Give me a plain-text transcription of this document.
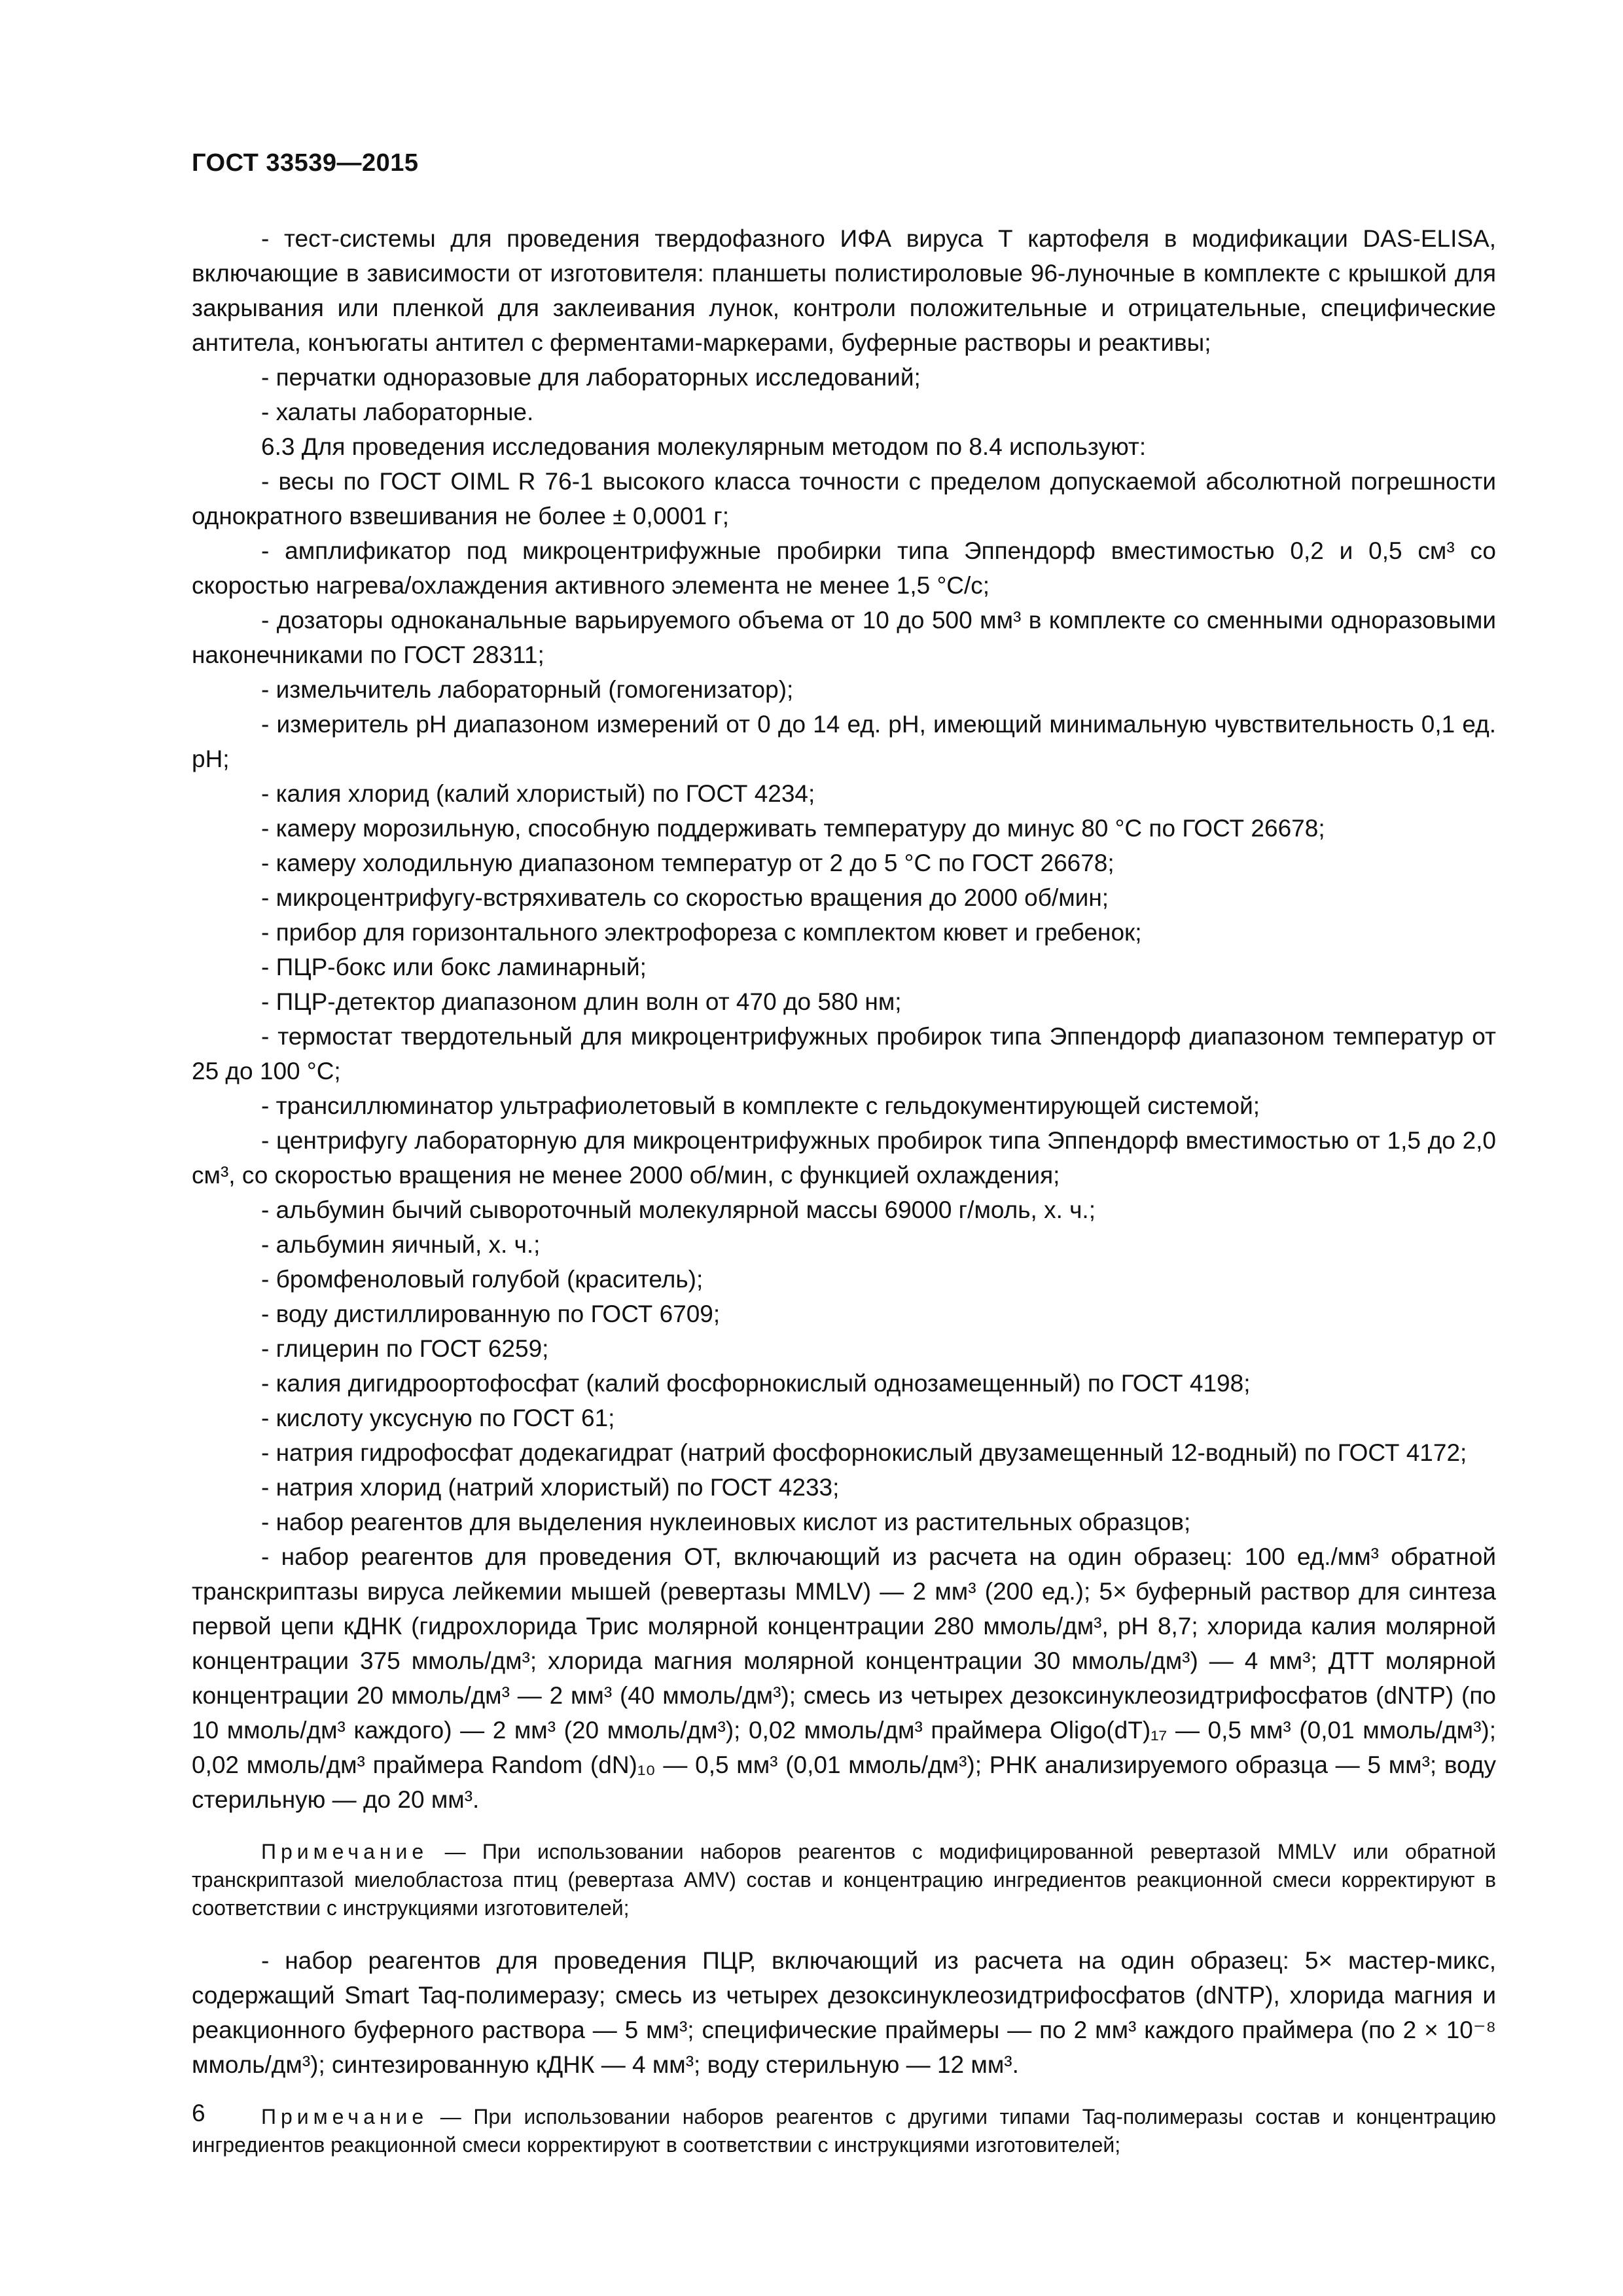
ГОСТ 33539—2015

- тест-системы для проведения твердофазного ИФА вируса Т картофеля в модификации DAS-ELISA, включающие в зависимости от изготовителя: планшеты полистироловые 96-луночные в комплекте с крышкой для закрывания или пленкой для заклеивания лунок, контроли положительные и отрицательные, специфические антитела, конъюгаты антител с ферментами-маркерами, буферные растворы и реактивы;

- перчатки одноразовые для лабораторных исследований;

- халаты лабораторные.

6.3 Для проведения исследования молекулярным методом по 8.4 используют:

- весы по ГОСТ OIML R 76-1 высокого класса точности с пределом допускаемой абсолютной погрешности однократного взвешивания не более ± 0,0001 г;

- амплификатор под микроцентрифужные пробирки типа Эппендорф вместимостью 0,2 и 0,5 см³ со скоростью нагрева/охлаждения активного элемента не менее 1,5 °С/с;

- дозаторы одноканальные варьируемого объема от 10 до 500 мм³ в комплекте со сменными одноразовыми наконечниками по ГОСТ 28311;

- измельчитель лабораторный (гомогенизатор);

- измеритель рН диапазоном измерений от 0 до 14 ед. рН, имеющий минимальную чувствительность 0,1 ед. рН;

- калия хлорид (калий хлористый) по ГОСТ 4234;

- камеру морозильную, способную поддерживать температуру до минус 80 °С по ГОСТ 26678;

- камеру холодильную диапазоном температур от 2 до 5 °С по ГОСТ 26678;

- микроцентрифугу-встряхиватель со скоростью вращения до 2000 об/мин;

- прибор для горизонтального электрофореза с комплектом кювет и гребенок;

- ПЦР-бокс или бокс ламинарный;

- ПЦР-детектор диапазоном длин волн от 470 до 580 нм;

- термостат твердотельный для микроцентрифужных пробирок типа Эппендорф диапазоном температур от 25 до 100 °С;

- трансиллюминатор ультрафиолетовый в комплекте с гельдокументирующей системой;

- центрифугу лабораторную для микроцентрифужных пробирок типа Эппендорф вместимостью от 1,5 до 2,0 см³, со скоростью вращения не менее 2000 об/мин, с функцией охлаждения;

- альбумин бычий сывороточный молекулярной массы 69000 г/моль, х. ч.;

- альбумин яичный, х. ч.;

- бромфеноловый голубой (краситель);

- воду дистиллированную по ГОСТ 6709;

- глицерин по ГОСТ 6259;

- калия дигидроортофосфат (калий фосфорнокислый однозамещенный) по ГОСТ 4198;

- кислоту уксусную по ГОСТ 61;

- натрия гидрофосфат додекагидрат (натрий фосфорнокислый двузамещенный 12-водный) по ГОСТ 4172;

- натрия хлорид (натрий хлористый) по ГОСТ 4233;

- набор реагентов для выделения нуклеиновых кислот из растительных образцов;

- набор реагентов для проведения ОТ, включающий из расчета на один образец: 100 ед./мм³ обратной транскриптазы вируса лейкемии мышей (ревертазы MMLV) — 2 мм³ (200 ед.); 5× буферный раствор для синтеза первой цепи кДНК (гидрохлорида Трис молярной концентрации 280 ммоль/дм³, рН 8,7; хлорида калия молярной концентрации 375 ммоль/дм³; хлорида магния молярной концентрации 30 ммоль/дм³) — 4 мм³; ДТТ молярной концентрации 20 ммоль/дм³ — 2 мм³ (40 ммоль/дм³); смесь из четырех дезоксинуклеозидтрифосфатов (dNTP) (по 10 ммоль/дм³ каждого) — 2 мм³ (20 ммоль/дм³); 0,02 ммоль/дм³ праймера Oligo(dT)₁₇ — 0,5 мм³ (0,01 ммоль/дм³); 0,02 ммоль/дм³ праймера Random (dN)₁₀ — 0,5 мм³ (0,01 ммоль/дм³); РНК анализируемого образца — 5 мм³; воду стерильную — до 20 мм³.

Примечание — При использовании наборов реагентов с модифицированной ревертазой MMLV или обратной транскриптазой миелобластоза птиц (ревертаза AMV) состав и концентрацию ингредиентов реакционной смеси корректируют в соответствии с инструкциями изготовителей;

- набор реагентов для проведения ПЦР, включающий из расчета на один образец: 5× мастер-микс, содержащий Smart Taq-полимеразу; смесь из четырех дезоксинуклеозидтрифосфатов (dNTP), хлорида магния и реакционного буферного раствора — 5 мм³; специфические праймеры — по 2 мм³ каждого праймера (по 2 × 10⁻⁸ ммоль/дм³); синтезированную кДНК — 4 мм³; воду стерильную — 12 мм³.

Примечание — При использовании наборов реагентов с другими типами Taq-полимеразы состав и концентрацию ингредиентов реакционной смеси корректируют в соответствии с инструкциями изготовителей;

6
